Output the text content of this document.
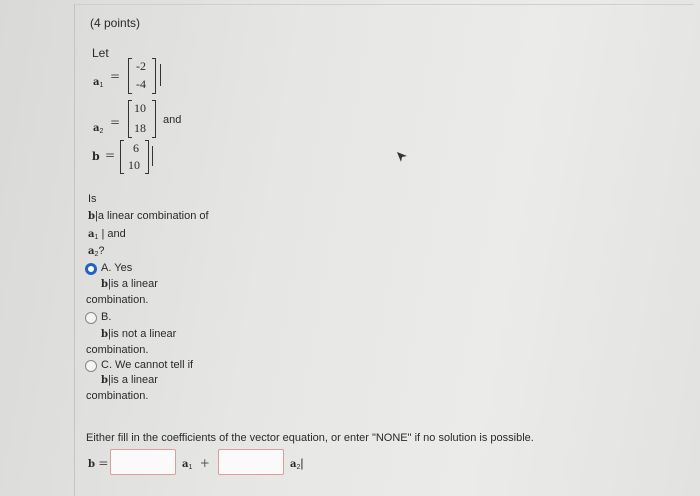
(4 points)
Let
$a_1$
=
-2
-4
$a_2$
=
10
18
and
b = 6
10
Is
b|a linear combination of
$a_1$ | and
$a_2$?
A. Yes
b|is a linear
combination.
B.
b|is not a linear
combination.
C. We cannot tell if
b|is a linear
combination.
Either fill in the coefficients of the vector equation, or enter "NONE" if no solution is possible.
b =	$a_1$ +	$a_2|$
